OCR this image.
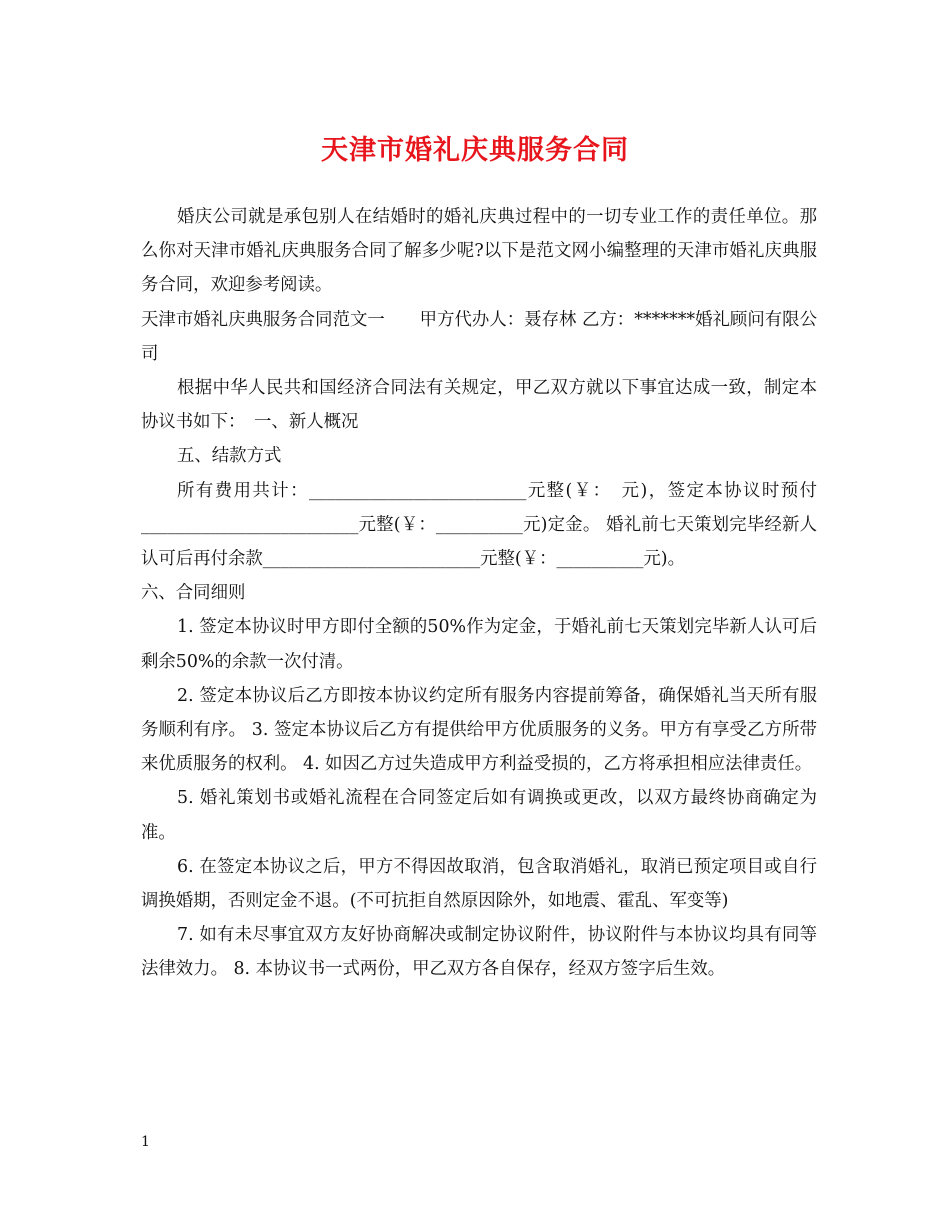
天津市婚礼庆典服务合同

婚庆公司就是承包别人在结婚时的婚礼庆典过程中的一切专业工作的责任单位。那么你对天津市婚礼庆典服务合同了解多少呢?以下是范文网小编整理的天津市婚礼庆典服务合同，欢迎参考阅读。

天津市婚礼庆典服务合同范文一　　甲方代办人：聂存林 乙方：*******婚礼顾问有限公司

根据中华人民共和国经济合同法有关规定，甲乙双方就以下事宜达成一致，制定本协议书如下：　一、新人概况

五、结款方式

所有费用共计：_________________________元整(￥：　元)，签定本协议时预付_________________________元整(￥：__________元)定金。 婚礼前七天策划完毕经新人认可后再付余款_________________________元整(￥：__________元)。

六、合同细则

1. 签定本协议时甲方即付全额的50%作为定金，于婚礼前七天策划完毕新人认可后剩余50%的余款一次付清。

2. 签定本协议后乙方即按本协议约定所有服务内容提前筹备，确保婚礼当天所有服务顺利有序。 3. 签定本协议后乙方有提供给甲方优质服务的义务。甲方有享受乙方所带来优质服务的权利。 4. 如因乙方过失造成甲方利益受损的，乙方将承担相应法律责任。

5. 婚礼策划书或婚礼流程在合同签定后如有调换或更改，以双方最终协商确定为准。

6. 在签定本协议之后，甲方不得因故取消，包含取消婚礼，取消已预定项目或自行调换婚期，否则定金不退。(不可抗拒自然原因除外，如地震、霍乱、军变等)

7. 如有未尽事宜双方友好协商解决或制定协议附件，协议附件与本协议均具有同等法律效力。 8. 本协议书一式两份，甲乙双方各自保存，经双方签字后生效。

1
